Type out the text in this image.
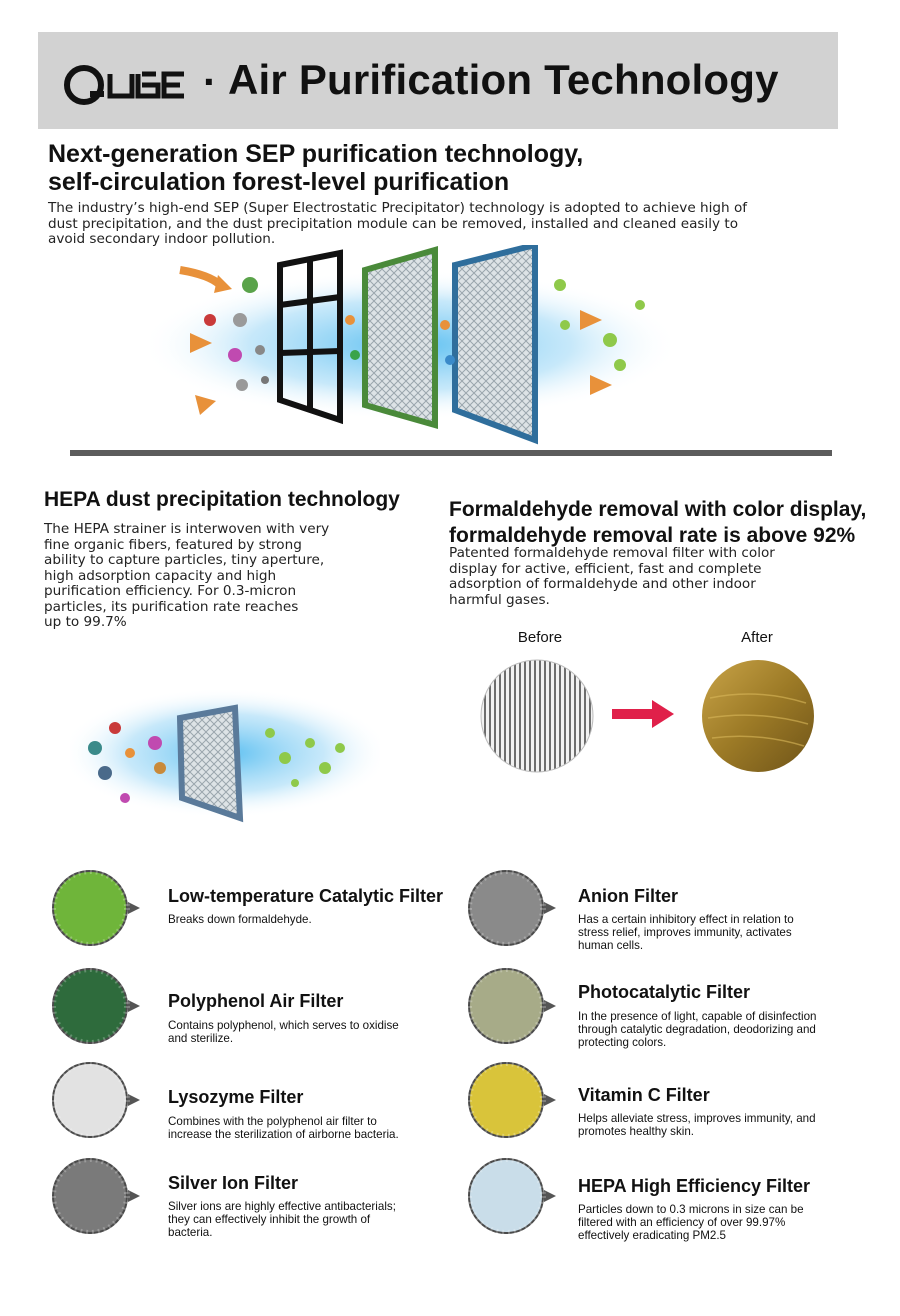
· Air Purification Technology
Next-generation SEP purification technology,
self-circulation forest-level purification
The industry’s high-end SEP (Super Electrostatic Precipitator) technology is adopted to achieve high of
dust precipitation, and the dust precipitation module can be removed, installed and cleaned easily to
avoid secondary indoor pollution.
HEPA dust precipitation technology
The HEPA strainer is interwoven with very
fine organic fibers, featured by strong
ability to capture particles, tiny aperture,
high adsorption capacity and high
purification efficiency. For 0.3-micron
particles, its purification rate reaches
up to 99.7%
Formaldehyde removal with color display,
formaldehyde removal rate is above 92%
Patented formaldehyde removal filter with color
display for active, efficient, fast and complete
adsorption of formaldehyde and other indoor
harmful gases.
Before	After
Low-temperature Catalytic Filter
Breaks down formaldehyde.
Anion Filter
Has a certain inhibitory effect in relation to
stress relief, improves immunity, activates
human cells.
Polyphenol Air Filter
Contains polyphenol, which serves to oxidise
and sterilize.
Photocatalytic Filter
In the presence of light, capable of disinfection
through catalytic degradation, deodorizing and
protecting colors.
Lysozyme Filter
Combines with the polyphenol air filter to
increase the sterilization of airborne bacteria.
Vitamin C Filter
Helps alleviate stress, improves immunity, and
promotes healthy skin.
Silver Ion Filter
Silver ions are highly effective antibacterials;
they can effectively inhibit the growth of
bacteria.
HEPA High Efficiency Filter
Particles down to 0.3 microns in size can be
filtered with an efficiency of over 99.97%
effectively eradicating PM2.5
